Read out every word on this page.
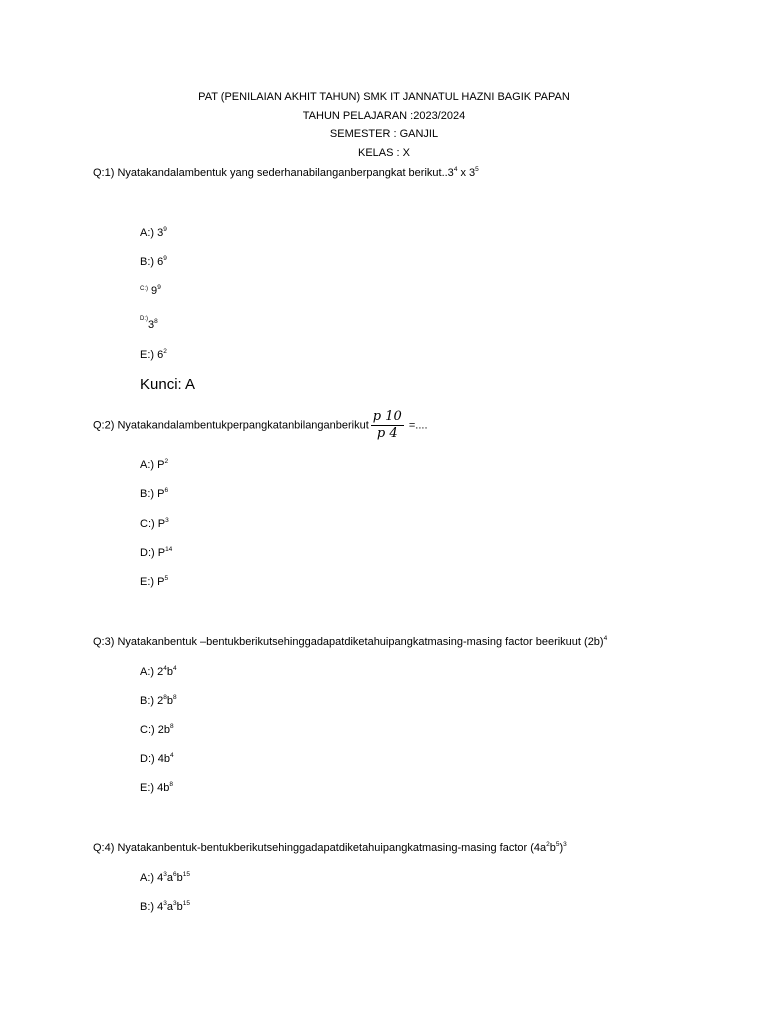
PAT (PENILAIAN AKHIT TAHUN) SMK IT JANNATUL HAZNI BAGIK PAPAN
TAHUN PELAJARAN :2023/2024
SEMESTER : GANJIL
KELAS : X
Q:1) Nyatakandalambentuk yang sederhanabilanganberpangkat $berikut..3^4$ x $3^5$
A:) $3^9$
B:) $6^9$
$^{C:)}$ $9^9$
$^{D:)}3^8$
E:) $6^2$
Kunci: A
Q:2) Nyatakandalambentukperpangkatanbilanganberikut $\frac{p 10}{p 4}$ =....
A:) $P^2$
B:) $P^6$
C:) $P^3$
D:) $P^{14}$
E:) $P^5$
Q:3) Nyatakanbentuk –bentukberikutsehinggadapatdiketahuipangkatmasing-masing factor beerikuut $(2b)^4$
A:) $2^4b^4$
B:) $2^8b^8$
C:) $2b^8$
D:) $4b^4$
E:) $4b^8$
Q:4) Nyatakanbentuk-bentukberikutsehinggadapatdiketahuipangkatmasing-masing factor $(4a^2b^5)^3$
A:) $4^3a^6b^{15}$
B:) $4^3a^3b^{15}$
